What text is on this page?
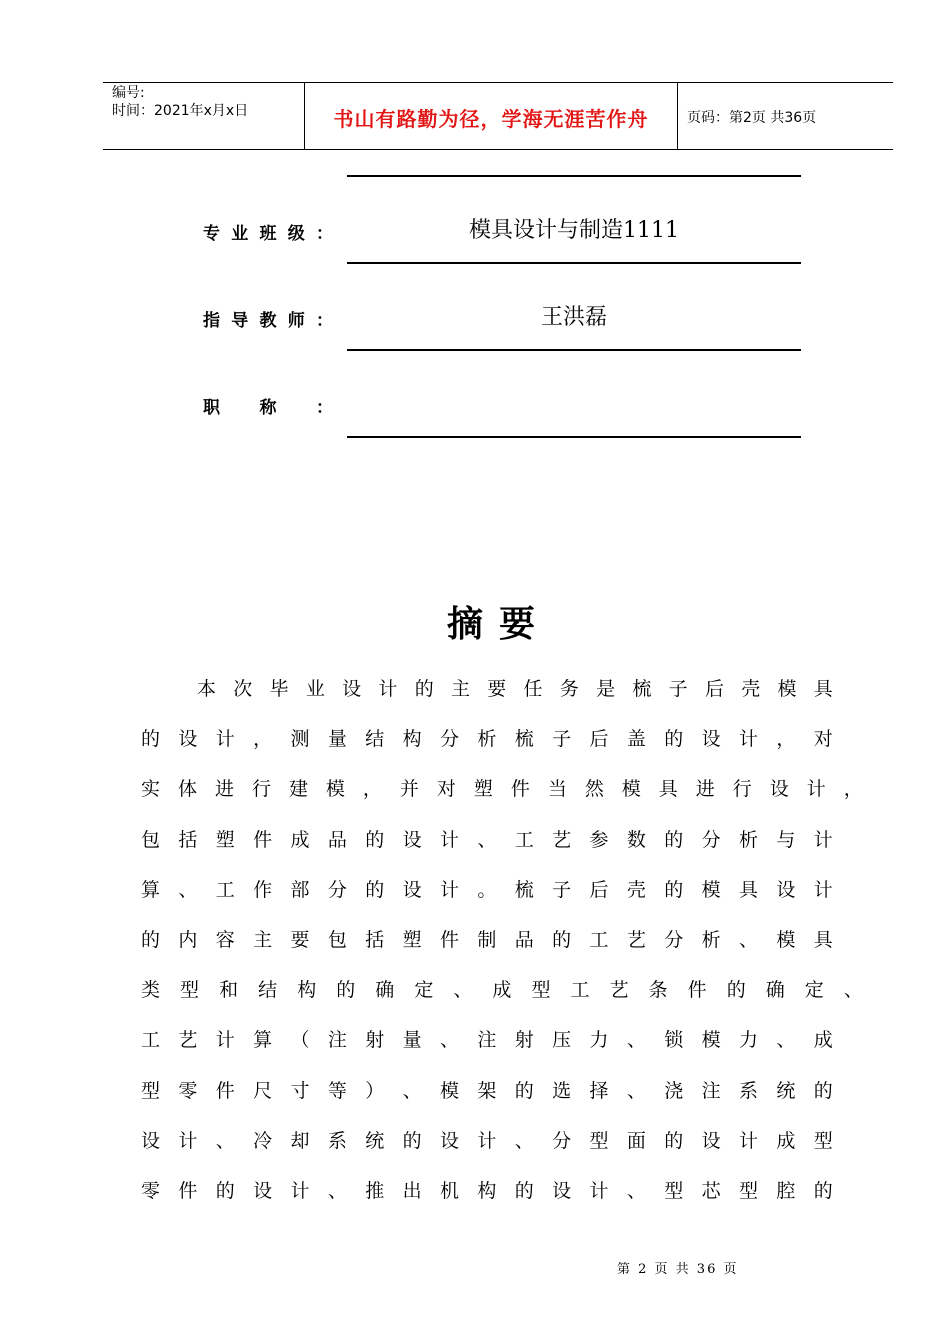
编号:
时间：2021年x月x日	书山有路勤为径，学海无涯苦作舟	页码：第2页 共36页
专 业 班 级 ：	模具设计与制造1111
指 导 教 师 ：	王洪磊
职 称 ：
摘要
本 次 毕 业 设 计 的 主 要 任 务 是 梳 子 后 壳 模 具
的 设 计 ， 测 量 结 构 分 析 梳 子 后 盖 的 设 计 ， 对
实 体 进 行 建 模 ， 并 对 塑 件 当 然 模 具 进 行 设 计 ，
包 括 塑 件 成 品 的 设 计 、 工 艺 参 数 的 分 析 与 计
算 、 工 作 部 分 的 设 计 。 梳 子 后 壳 的 模 具 设 计
的 内 容 主 要 包 括 塑 件 制 品 的 工 艺 分 析 、 模 具
类 型 和 结 构 的 确 定 、 成 型 工 艺 条 件 的 确 定 、
工 艺 计 算 （ 注 射 量 、 注 射 压 力 、 锁 模 力 、 成
型 零 件 尺 寸 等 ） 、 模 架 的 选 择 、 浇 注 系 统 的
设 计 、 冷 却 系 统 的 设 计 、 分 型 面 的 设 计 成 型
零 件 的 设 计 、 推 出 机 构 的 设 计 、 型 芯 型 腔 的
第 2 页 共 36 页
